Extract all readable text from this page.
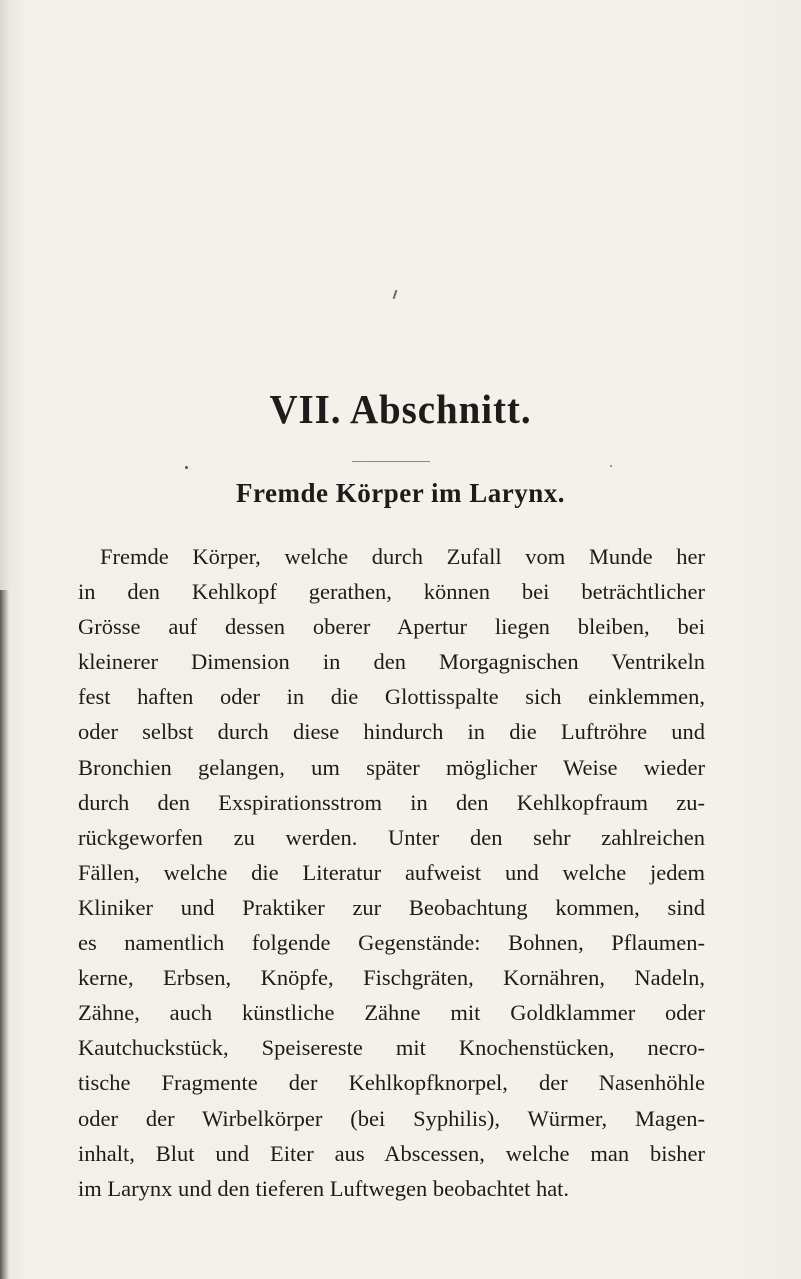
VII. Abschnitt.
Fremde Körper im Larynx.
Fremde Körper, welche durch Zufall vom Munde her
in den Kehlkopf gerathen, können bei beträchtlicher
Grösse auf dessen oberer Apertur liegen bleiben, bei
kleinerer Dimension in den Morgagnischen Ventrikeln
fest haften oder in die Glottisspalte sich einklemmen,
oder selbst durch diese hindurch in die Luftröhre und
Bronchien gelangen, um später möglicher Weise wieder
durch den Exspirationsstrom in den Kehlkopfraum zu-
rückgeworfen zu werden. Unter den sehr zahlreichen
Fällen, welche die Literatur aufweist und welche jedem
Kliniker und Praktiker zur Beobachtung kommen, sind
es namentlich folgende Gegenstände: Bohnen, Pflaumen-
kerne, Erbsen, Knöpfe, Fischgräten, Kornähren, Nadeln,
Zähne, auch künstliche Zähne mit Goldklammer oder
Kautchuckstück, Speisereste mit Knochenstücken, necro-
tische Fragmente der Kehlkopfknorpel, der Nasenhöhle
oder der Wirbelkörper (bei Syphilis), Würmer, Magen-
inhalt, Blut und Eiter aus Abscessen, welche man bisher
im Larynx und den tieferen Luftwegen beobachtet hat.
